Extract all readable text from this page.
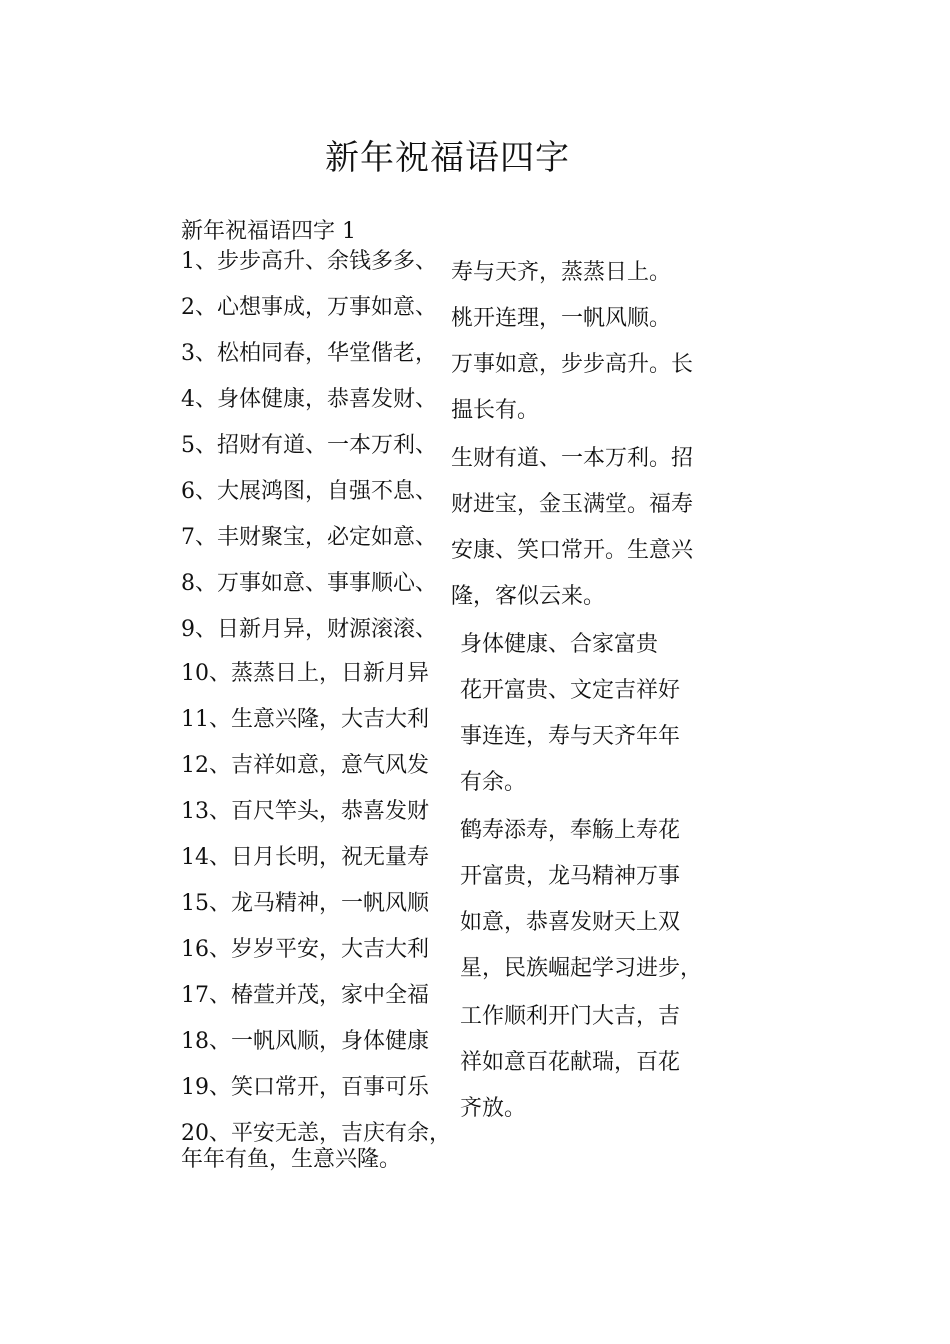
新年祝福语四字
新年祝福语四字 1
1、步步高升、余钱多多、
2、心想事成，万事如意、
3、松柏同春，华堂偕老，
4、身体健康，恭喜发财、
5、招财有道、一本万利、
6、大展鸿图，自强不息、
7、丰财聚宝，必定如意、
8、万事如意、事事顺心、
9、日新月异，财源滚滚、
10、蒸蒸日上，日新月异
11、生意兴隆，大吉大利
12、吉祥如意，意气风发
13、百尺竿头，恭喜发财
14、日月长明，祝无量寿
15、龙马精神，一帆风顺
16、岁岁平安，大吉大利
17、椿萱并茂，家中全福
18、一帆风顺，身体健康
19、笑口常开，百事可乐
20、平安无恙，吉庆有余，
年年有鱼，生意兴隆。
寿与天齐，蒸蒸日上。
桃开连理，一帆风顺。
万事如意，步步高升。长
揾长有。
生财有道、一本万利。招
财进宝，金玉满堂。福寿
安康、笑口常开。生意兴
隆，客似云来。
身体健康、合家富贵
花开富贵、文定吉祥好
事连连，寿与天齐年年
有余。
鹤寿添寿，奉觞上寿花
开富贵，龙马精神万事
如意，恭喜发财天上双
星，民族崛起学习进步，
工作顺利开门大吉，吉
祥如意百花献瑞，百花
齐放。
